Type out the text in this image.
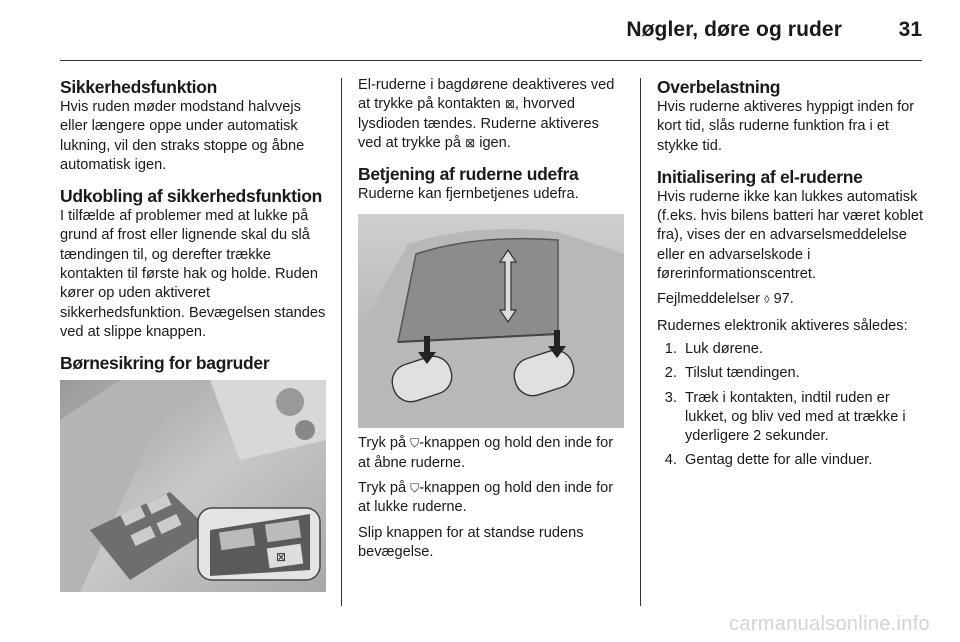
Nøgler, døre og ruder	31
Sikkerhedsfunktion

Hvis ruden møder modstand halvvejs eller længere oppe under automatisk lukning, vil den straks stoppe og åbne automatisk igen.

Udkobling af sikkerhedsfunktion

I tilfælde af problemer med at lukke på grund af frost eller lignende skal du slå tændingen til, og derefter trække kontakten til første hak og holde. Ruden kører op uden aktiveret sikkerhedsfunktion. Bevægelsen standes ved at slippe knappen.

Børnesikring for bagruder
⊠

El-ruderne i bagdørene deaktiveres ved at trykke på kontakten ⊠, hvorved lysdioden tændes. Ruderne aktiveres ved at trykke på ⊠ igen.

Betjening af ruderne udefra

Ruderne kan fjernbetjenes udefra.

Tryk på ⛉-knappen og hold den inde for at åbne ruderne.

Tryk på ⛉-knappen og hold den inde for at lukke ruderne.

Slip knappen for at standse rudens bevægelse.

Overbelastning

Hvis ruderne aktiveres hyppigt inden for kort tid, slås ruderne funktion fra i et stykke tid.

Initialisering af el-ruderne

Hvis ruderne ikke kan lukkes automatisk (f.eks. hvis bilens batteri har været koblet fra), vises der en advarselsmeddelelse eller en advarselskode i førerinformationscentret.

Fejlmeddelelser ◊ 97.

Rudernes elektronik aktiveres således:

1. Luk dørene.
2. Tilslut tændingen.
3. Træk i kontakten, indtil ruden er lukket, og bliv ved med at trække i yderligere 2 sekunder.
4. Gentag dette for alle vinduer.
carmanualsonline.info
